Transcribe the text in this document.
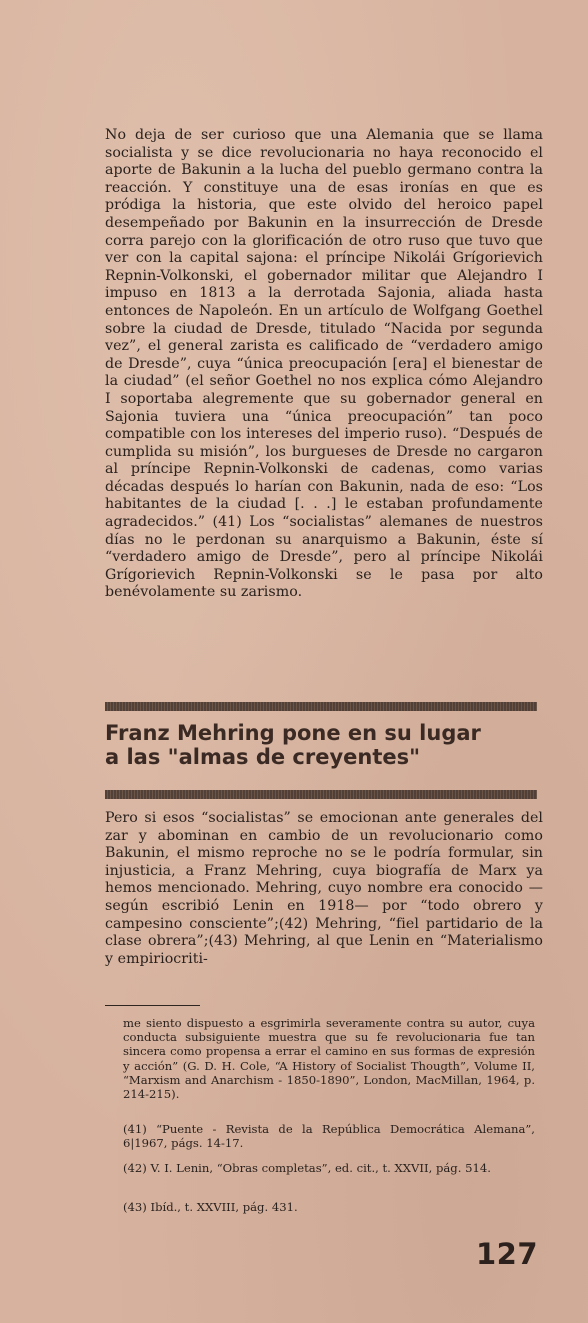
No deja de ser curioso que una Alemania que se llama socialista y se dice revolucionaria no haya reconocido el aporte de Bakunin a la lucha del pueblo germano contra la reacción. Y constituye una de esas ironías en que es pródiga la historia, que este olvido del heroico papel desempeñado por Bakunin en la insurrección de Dresde corra parejo con la glorificación de otro ruso que tuvo que ver con la capital sajona: el príncipe Nikolái Grígorievich Repnin-Volkonski, el gobernador militar que Alejandro I impuso en 1813 a la derrotada Sajonia, aliada hasta entonces de Napoleón. En un artículo de Wolfgang Goethel sobre la ciudad de Dresde, titulado “Nacida por segunda vez”, el general zarista es calificado de “verdadero amigo de Dresde”, cuya “única preocupación [era] el bienestar de la ciudad” (el señor Goethel no nos explica cómo Alejandro I soportaba alegremente que su gobernador general en Sajonia tuviera una “única preocupación” tan poco compatible con los intereses del imperio ruso). “Después de cumplida su misión”, los burgueses de Dresde no cargaron al príncipe Repnin-Volkonski de cadenas, como varias décadas después lo harían con Bakunin, nada de eso: “Los habitantes de la ciudad [. . .] le estaban profundamente agradecidos.” (41) Los “socialistas” alemanes de nuestros días no le perdonan su anarquismo a Bakunin, éste sí “verdadero amigo de Dresde”, pero al príncipe Nikolái Grígorievich Repnin-Volkonski se le pasa por alto benévolamente su zarismo.

Franz Mehring pone en su lugar
a las "almas de creyentes"

Pero si esos “socialistas” se emocionan ante generales del zar y abominan en cambio de un revolucionario como Bakunin, el mismo reproche no se le podría formular, sin injusticia, a Franz Mehring, cuya biografía de Marx ya hemos mencionado. Mehring, cuyo nombre era conocido —según escribió Lenin en 1918— por “todo obrero y campesino consciente”;(42) Mehring, “fiel partidario de la clase obrera”;(43) Mehring, al que Lenin en “Materialismo y empiriocriti-

me siento dispuesto a esgrimirla severamente contra su autor, cuya conducta subsiguiente muestra que su fe revolucionaria fue tan sincera como propensa a errar el camino en sus formas de expresión y acción” (G. D. H. Cole, “A History of Socialist Thougth”, Volume II, “Marxism and Anarchism - 1850-1890”, London, MacMillan, 1964, p. 214-215).

(41) “Puente - Revista de la República Democrática Alemana”, 6|1967, págs. 14-17.

(42) V. I. Lenin, “Obras completas”, ed. cit., t. XXVII, pág. 514.

(43) Ibíd., t. XXVIII, pág. 431.

127
